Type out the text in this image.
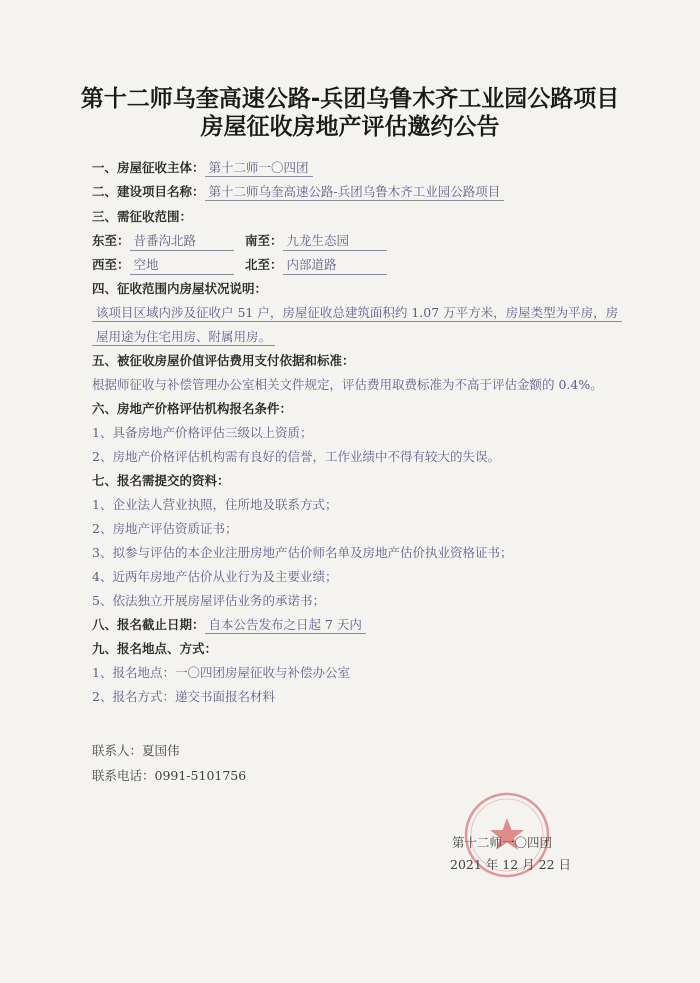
第十二师乌奎高速公路-兵团乌鲁木齐工业园公路项目
房屋征收房地产评估邀约公告
一、房屋征收主体： 第十二师一〇四团
二、建设项目名称： 第十二师乌奎高速公路-兵团乌鲁木齐工业园公路项目
三、需征收范围：
东至： 昔番沟北路	南至： 九龙生态园
西至： 空地	北至： 内部道路
四、征收范围内房屋状况说明：
该项目区域内涉及征收户 51 户，房屋征收总建筑面积约 1.07 万平方米，房屋类型为平房，房
屋用途为住宅用房、附属用房。
五、被征收房屋价值评估费用支付依据和标准：
根据师征收与补偿管理办公室相关文件规定，评估费用取费标准为不高于评估金额的 0.4%。
六、房地产价格评估机构报名条件：
1、具备房地产价格评估三级以上资质；
2、房地产价格评估机构需有良好的信誉，工作业绩中不得有较大的失误。
七、报名需提交的资料：
1、企业法人营业执照，住所地及联系方式；
2、房地产评估资质证书；
3、拟参与评估的本企业注册房地产估价师名单及房地产估价执业资格证书；
4、近两年房地产估价从业行为及主要业绩；
5、依法独立开展房屋评估业务的承诺书；
八、报名截止日期： 自本公告发布之日起 7 天内
九、报名地点、方式：
1、报名地点：一〇四团房屋征收与补偿办公室
2、报名方式：递交书面报名材料
联系人：夏国伟
联系电话：0991-5101756
第十二师一〇四团
2021 年 12 月 22 日
